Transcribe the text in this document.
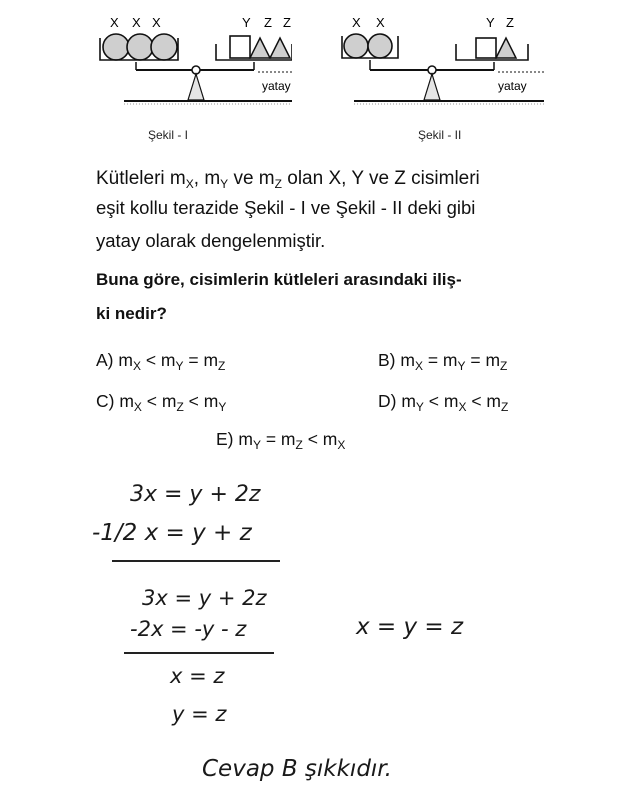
X X X	Y Z Z
yatay
Şekil - I
X X	Y Z
yatay
Şekil - II
Kütleleri $m_X$, $m_Y$ ve $m_Z$ olan X, Y ve Z cisimleri
eşit kollu terazide Şekil - I ve Şekil - II deki gibi
yatay olarak dengelenmiştir.
Buna göre, cisimlerin kütleleri arasındaki iliş-
ki nedir?
A) $m_X < m_Y = m_Z$	B) $m_X = m_Y = m_Z$
C) $m_X < m_Z < m_Y$	D) $m_Y < m_X < m_Z$
E) $m_Y = m_Z < m_X$
3x = y + 2z
-1/2 x = y + z
3x = y + 2z
-2x = -y - z	x = y = z
x = z
y = z
Cevap B şıkkıdır.
